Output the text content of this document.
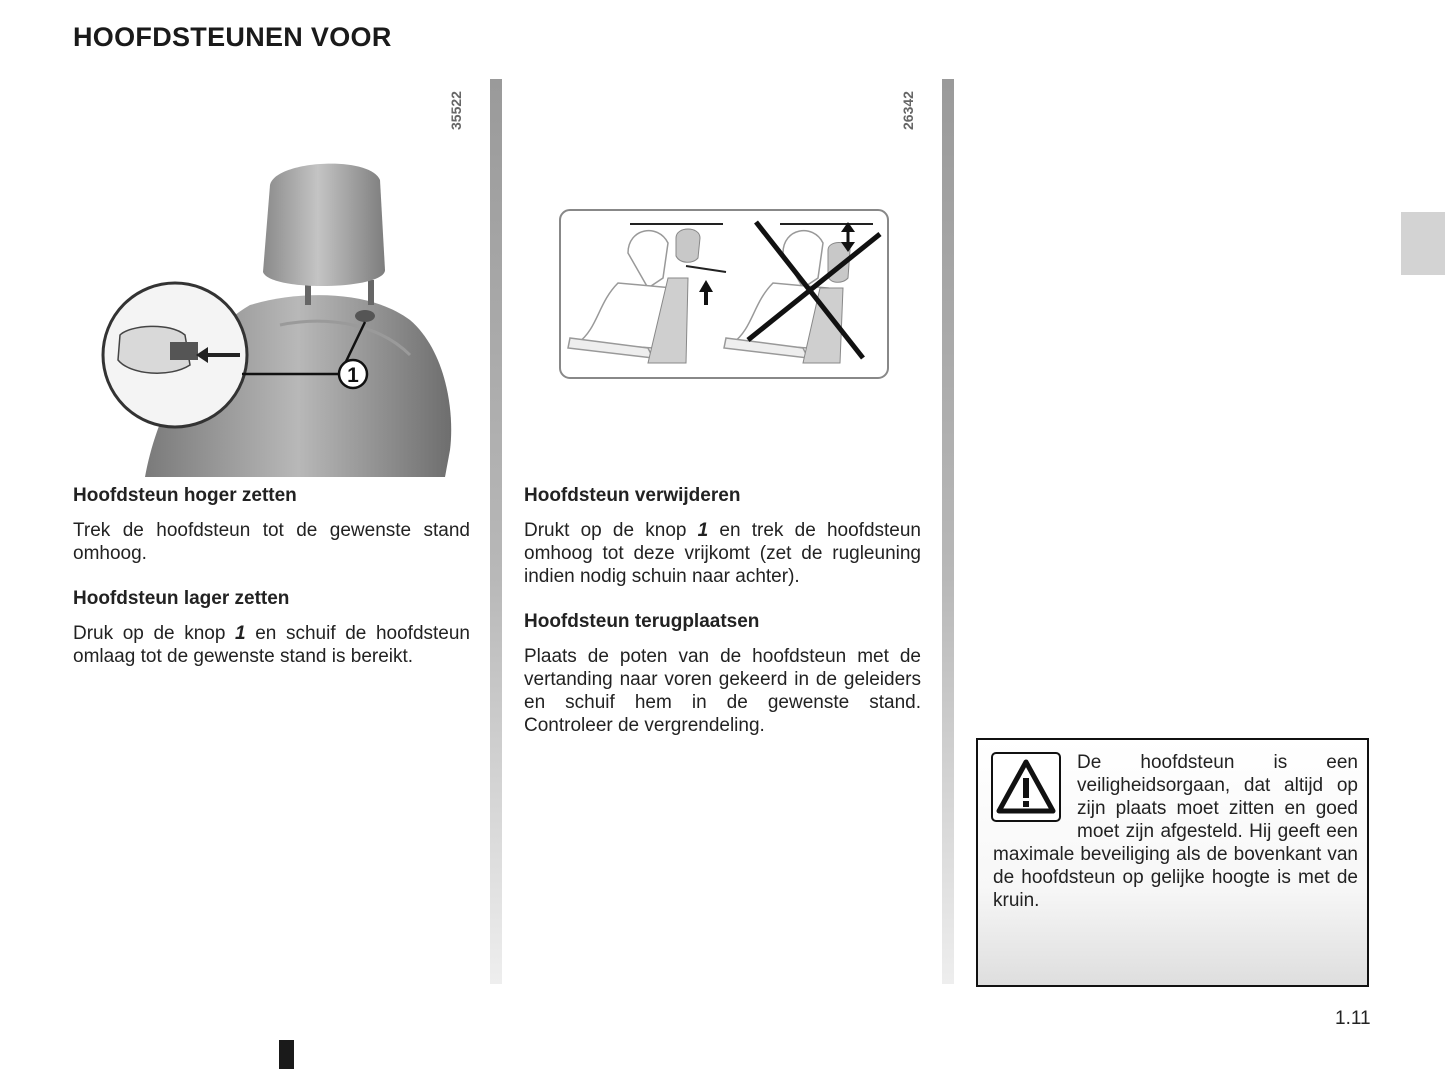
HOOFDSTEUNEN VOOR
35522
1
26342
Hoofdsteun hoger zetten

Trek de hoofdsteun tot de gewenste stand omhoog.

Hoofdsteun lager zetten

Druk op de knop 1 en schuif de hoofdsteun omlaag tot de gewenste stand is bereikt.

Hoofdsteun verwijderen

Drukt op de knop 1 en trek de hoofdsteun omhoog tot deze vrijkomt (zet de rugleuning indien nodig schuin naar achter).

Hoofdsteun terugplaatsen

Plaats de poten van de hoofdsteun met de vertanding naar voren gekeerd in de geleiders en schuif hem in de gewenste stand. Controleer de vergrendeling.

De hoofdsteun is een veiligheidsorgaan, dat altijd op zijn plaats moet zitten en goed moet zijn afgesteld. Hij geeft een maximale beveiliging als de bovenkant van de hoofdsteun op gelijke hoogte is met de kruin.
1.11
